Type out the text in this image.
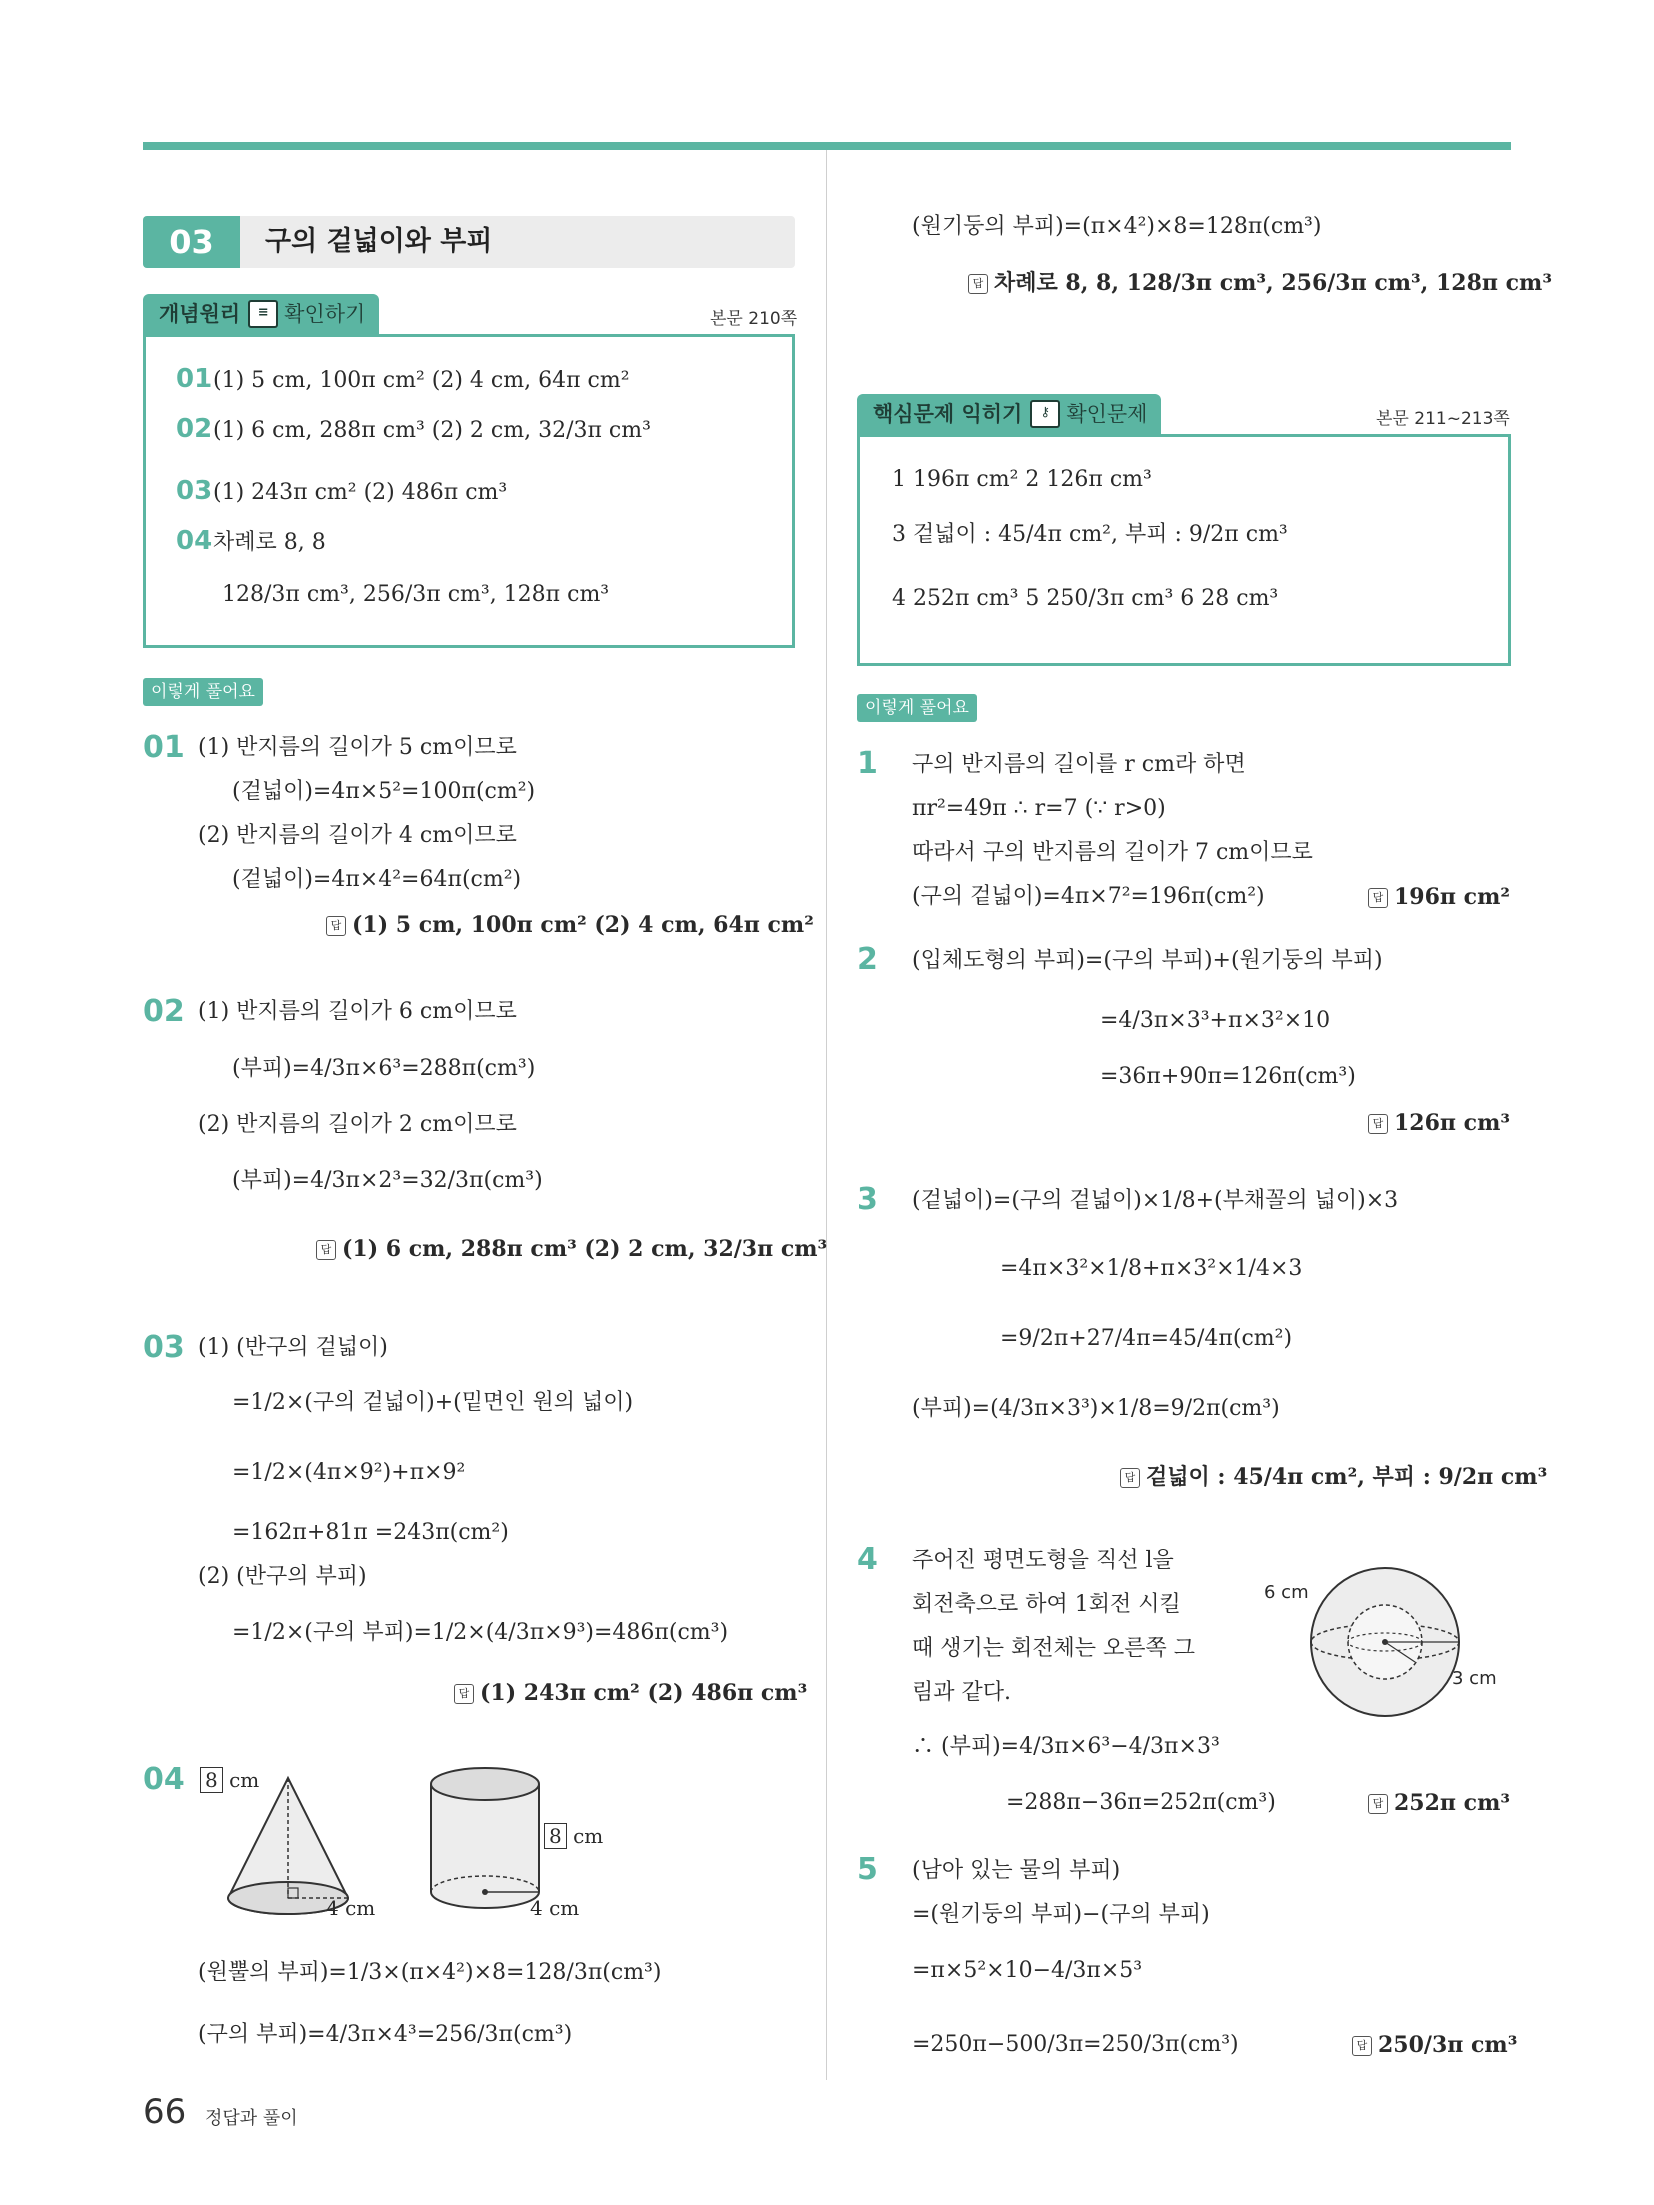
03	구의 겉넓이와 부피
개념원리 ≡ 확인하기	본문 210쪽
01 (1) 5 cm, 100π cm² (2) 4 cm, 64π cm²
02 (1) 6 cm, 288π cm³ (2) 2 cm, 32/3π cm³
03 (1) 243π cm² (2) 486π cm³
04 차례로 8, 8
128/3π cm³, 256/3π cm³, 128π cm³
이렇게 풀어요
01 (1) 반지름의 길이가 5 cm이므로
(겉넓이)=4π×5²=100π(cm²)
(2) 반지름의 길이가 4 cm이므로
(겉넓이)=4π×4²=64π(cm²)
답 (1) 5 cm, 100π cm² (2) 4 cm, 64π cm²
02 (1) 반지름의 길이가 6 cm이므로
(부피)=4/3π×6³=288π(cm³)
(2) 반지름의 길이가 2 cm이므로
(부피)=4/3π×2³=32/3π(cm³)
답 (1) 6 cm, 288π cm³ (2) 2 cm, 32/3π cm³
03 (1) (반구의 겉넓이)
=1/2×(구의 겉넓이)+(밑면인 원의 넓이)
=1/2×(4π×9²)+π×9²
=162π+81π =243π(cm²)
(2) (반구의 부피)
=1/2×(구의 부피)=1/2×(4/3π×9³)=486π(cm³)
답 (1) 243π cm² (2) 486π cm³
04 8 cm
4 cm
8 cm
4 cm
(원뿔의 부피)=1/3×(π×4²)×8=128/3π(cm³)
(구의 부피)=4/3π×4³=256/3π(cm³)
(원기둥의 부피)=(π×4²)×8=128π(cm³)
답 차례로 8, 8, 128/3π cm³, 256/3π cm³, 128π cm³
핵심문제 익히기 ⚷ 확인문제	본문 211~213쪽
1 196π cm² 2 126π cm³
3 겉넓이 : 45/4π cm², 부피 : 9/2π cm³
4 252π cm³ 5 250/3π cm³ 6 28 cm³
이렇게 풀어요
1 구의 반지름의 길이를 r cm라 하면
πr²=49π ∴ r=7 (∵ r>0)
따라서 구의 반지름의 길이가 7 cm이므로
(구의 겉넓이)=4π×7²=196π(cm²)	답 196π cm²
2 (입체도형의 부피)=(구의 부피)+(원기둥의 부피)
=4/3π×3³+π×3²×10
=36π+90π=126π(cm³)
답 126π cm³
3 (겉넓이)=(구의 겉넓이)×1/8+(부채꼴의 넓이)×3
=4π×3²×1/8+π×3²×1/4×3
=9/2π+27/4π=45/4π(cm²)
(부피)=(4/3π×3³)×1/8=9/2π(cm³)
답 겉넓이 : 45/4π cm², 부피 : 9/2π cm³
4 주어진 평면도형을 직선 l을
회전축으로 하여 1회전 시킬
때 생기는 회전체는 오른쪽 그
림과 같다.
6 cm
3 cm
∴ (부피)=4/3π×6³−4/3π×3³
=288π−36π=252π(cm³)	답 252π cm³
5 (남아 있는 물의 부피)
=(원기둥의 부피)−(구의 부피)
=π×5²×10−4/3π×5³
=250π−500/3π=250/3π(cm³)	답 250/3π cm³
66 정답과 풀이
